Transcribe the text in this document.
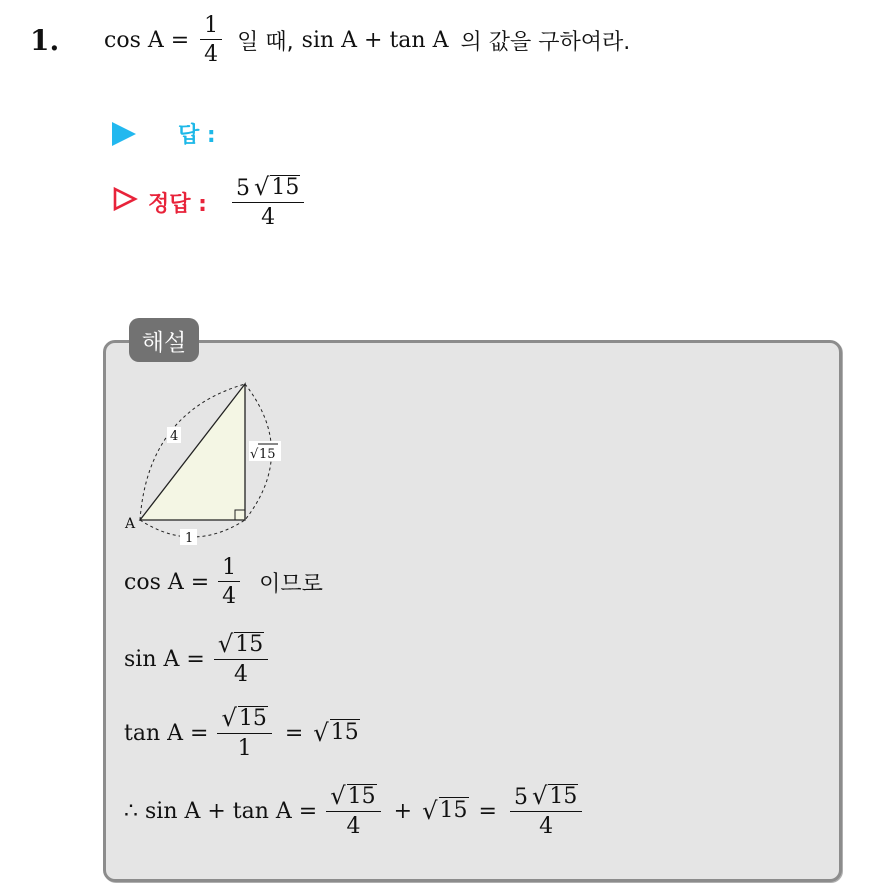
1. $\cos A = \frac{1}{4}$ 일 때, sin A + tan A 의 값을 구하여라.
답 :
정답 : $\frac{5 √ 15}{4}$
해설
4
√ 15
1
A
$\cos A = \frac{1}{4}$ 이므로
$\sin A = \frac{√ 15}{4}$
$\tan A = \frac{√ 15}{1}$ = √ 15
∴ $\sin A + \tan A = \frac{√ 15}{4}$ + √ $15 = \frac{5 √ 15}{4}$
